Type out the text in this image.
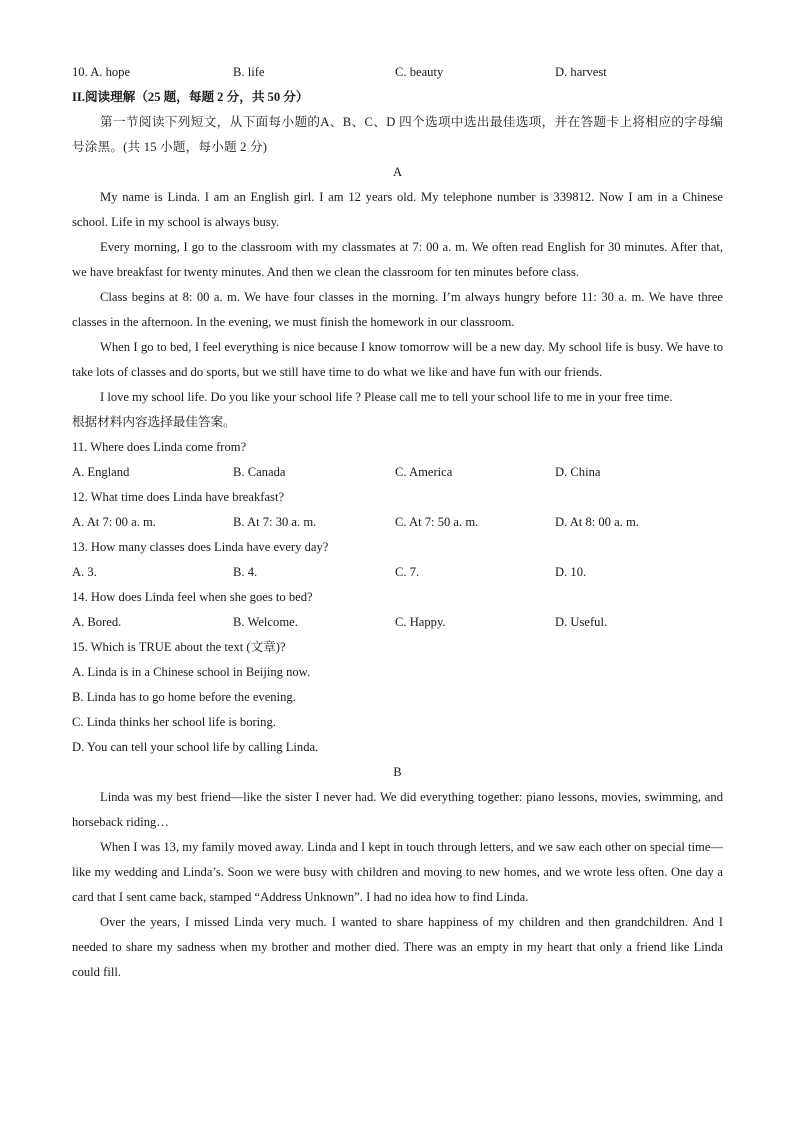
10. A. hope	B. life	C. beauty	D. harvest

II.阅读理解（25 题，每题 2 分，共 50 分）

第一节阅读下列短文，从下面每小题的A、B、C、D 四个选项中选出最佳选项，并在答题卡上将相应的字母编号涂黑。(共 15 小题，每小题 2 分)

A

My name is Linda. I am an English girl. I am 12 years old. My telephone number is 339812. Now I am in a Chinese school. Life in my school is always busy.

Every morning, I go to the classroom with my classmates at 7: 00 a. m. We often read English for 30 minutes. After that, we have breakfast for twenty minutes. And then we clean the classroom for ten minutes before class.

Class begins at 8: 00 a. m. We have four classes in the morning. I’m always hungry before 11: 30 a. m. We have three classes in the afternoon. In the evening, we must finish the homework in our classroom.

When I go to bed, I feel everything is nice because I know tomorrow will be a new day. My school life is busy. We have to take lots of classes and do sports, but we still have time to do what we like and have fun with our friends.

I love my school life. Do you like your school life ? Please call me to tell your school life to me in your free time.

根据材料内容选择最佳答案。

11. Where does Linda come from?

A. England	B. Canada	C. America	D. China

12. What time does Linda have breakfast?

A. At 7: 00 a. m.	B. At 7: 30 a. m.	C. At 7: 50 a. m.	D. At 8: 00 a. m.

13. How many classes does Linda have every day?

A. 3.	B. 4.	C. 7.	D. 10.

14. How does Linda feel when she goes to bed?

A. Bored.	B. Welcome.	C. Happy.	D. Useful.

15. Which is TRUE about the text (文章)?

A. Linda is in a Chinese school in Beijing now.

B. Linda has to go home before the evening.

C. Linda thinks her school life is boring.

D. You can tell your school life by calling Linda.

B

Linda was my best friend—like the sister I never had. We did everything together: piano lessons, movies, swimming, and horseback riding…

When I was 13, my family moved away. Linda and I kept in touch through letters, and we saw each other on special time—like my wedding and Linda’s. Soon we were busy with children and moving to new homes, and we wrote less often. One day a card that I sent came back, stamped “Address Unknown”. I had no idea how to find Linda.

Over the years, I missed Linda very much. I wanted to share happiness of my children and then grandchildren. And I needed to share my sadness when my brother and mother died. There was an empty in my heart that only a friend like Linda could fill.
